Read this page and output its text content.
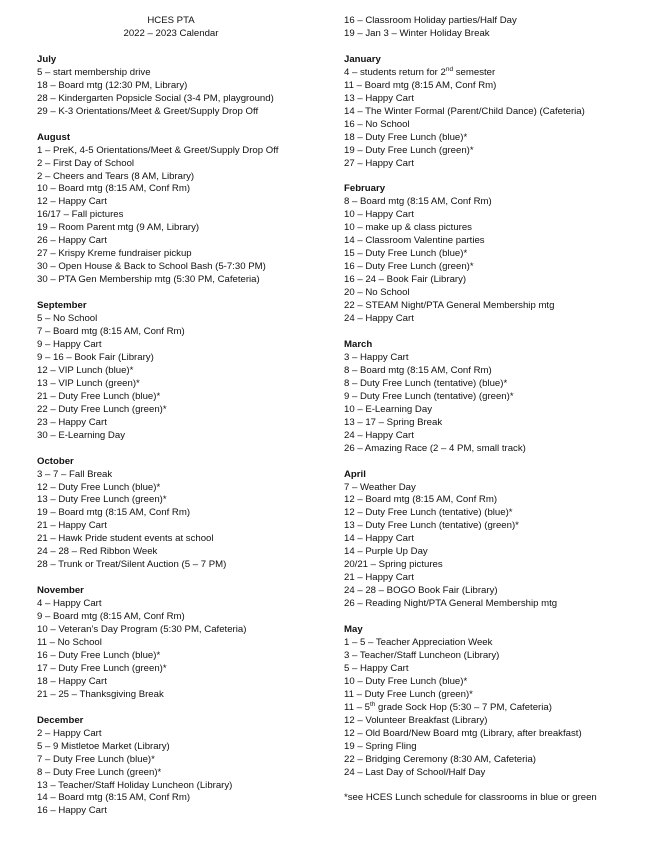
HCES PTA
2022 – 2023 Calendar
July
5 – start membership drive
18 – Board mtg (12:30 PM, Library)
28 – Kindergarten Popsicle Social (3-4 PM, playground)
29 – K-3 Orientations/Meet & Greet/Supply Drop Off
August
1 – PreK, 4-5 Orientations/Meet & Greet/Supply Drop Off
2 – First Day of School
2 – Cheers and Tears (8 AM, Library)
10 – Board mtg (8:15 AM, Conf Rm)
12 – Happy Cart
16/17 – Fall pictures
19 – Room Parent mtg (9 AM, Library)
26 – Happy Cart
27 – Krispy Kreme fundraiser pickup
30 – Open House & Back to School Bash (5-7:30 PM)
30 – PTA Gen Membership mtg (5:30 PM, Cafeteria)
September
5 – No School
7 – Board mtg (8:15 AM, Conf Rm)
9 – Happy Cart
9 – 16 – Book Fair (Library)
12 – VIP Lunch (blue)*
13 – VIP Lunch (green)*
21 – Duty Free Lunch (blue)*
22 – Duty Free Lunch (green)*
23 – Happy Cart
30 – E-Learning Day
October
3 – 7 – Fall Break
12 – Duty Free Lunch (blue)*
13 – Duty Free Lunch (green)*
19 – Board mtg (8:15 AM, Conf Rm)
21 – Happy Cart
21 – Hawk Pride student events at school
24 – 28 – Red Ribbon Week
28 – Trunk or Treat/Silent Auction (5 – 7 PM)
November
4 – Happy Cart
9 – Board mtg (8:15 AM, Conf Rm)
10 – Veteran’s Day Program (5:30 PM, Cafeteria)
11 – No School
16 – Duty Free Lunch (blue)*
17 – Duty Free Lunch (green)*
18 – Happy Cart
21 – 25 – Thanksgiving Break
December
2 – Happy Cart
5 – 9 Mistletoe Market (Library)
7 – Duty Free Lunch (blue)*
8 – Duty Free Lunch (green)*
13 – Teacher/Staff Holiday Luncheon (Library)
14 – Board mtg (8:15 AM, Conf Rm)
16 – Happy Cart
16 – Classroom Holiday parties/Half Day
19 – Jan 3 – Winter Holiday Break
January
4 – students return for 2nd semester
11 – Board mtg (8:15 AM, Conf Rm)
13 – Happy Cart
14 – The Winter Formal (Parent/Child Dance) (Cafeteria)
16 – No School
18 – Duty Free Lunch (blue)*
19 – Duty Free Lunch (green)*
27 – Happy Cart
February
8 – Board mtg (8:15 AM, Conf Rm)
10 – Happy Cart
10 – make up & class pictures
14 – Classroom Valentine parties
15 – Duty Free Lunch (blue)*
16 – Duty Free Lunch (green)*
16 – 24 – Book Fair (Library)
20 – No School
22 – STEAM Night/PTA General Membership mtg
24 – Happy Cart
March
3 – Happy Cart
8 – Board mtg (8:15 AM, Conf Rm)
8 – Duty Free Lunch (tentative) (blue)*
9 – Duty Free Lunch (tentative) (green)*
10 – E-Learning Day
13 – 17 – Spring Break
24 – Happy Cart
26 – Amazing Race (2 – 4 PM, small track)
April
7 – Weather Day
12 – Board mtg (8:15 AM, Conf Rm)
12 – Duty Free Lunch (tentative) (blue)*
13 – Duty Free Lunch (tentative) (green)*
14 – Happy Cart
14 – Purple Up Day
20/21 – Spring pictures
21 – Happy Cart
24 – 28 – BOGO Book Fair (Library)
26 – Reading Night/PTA General Membership mtg
May
1 – 5 – Teacher Appreciation Week
3 – Teacher/Staff Luncheon (Library)
5 – Happy Cart
10 – Duty Free Lunch (blue)*
11 – Duty Free Lunch (green)*
11 – 5th grade Sock Hop (5:30 – 7 PM, Cafeteria)
12 – Volunteer Breakfast (Library)
12 – Old Board/New Board mtg (Library, after breakfast)
19 – Spring Fling
22 – Bridging Ceremony (8:30 AM, Cafeteria)
24 – Last Day of School/Half Day
*see HCES Lunch schedule for classrooms in blue or green
